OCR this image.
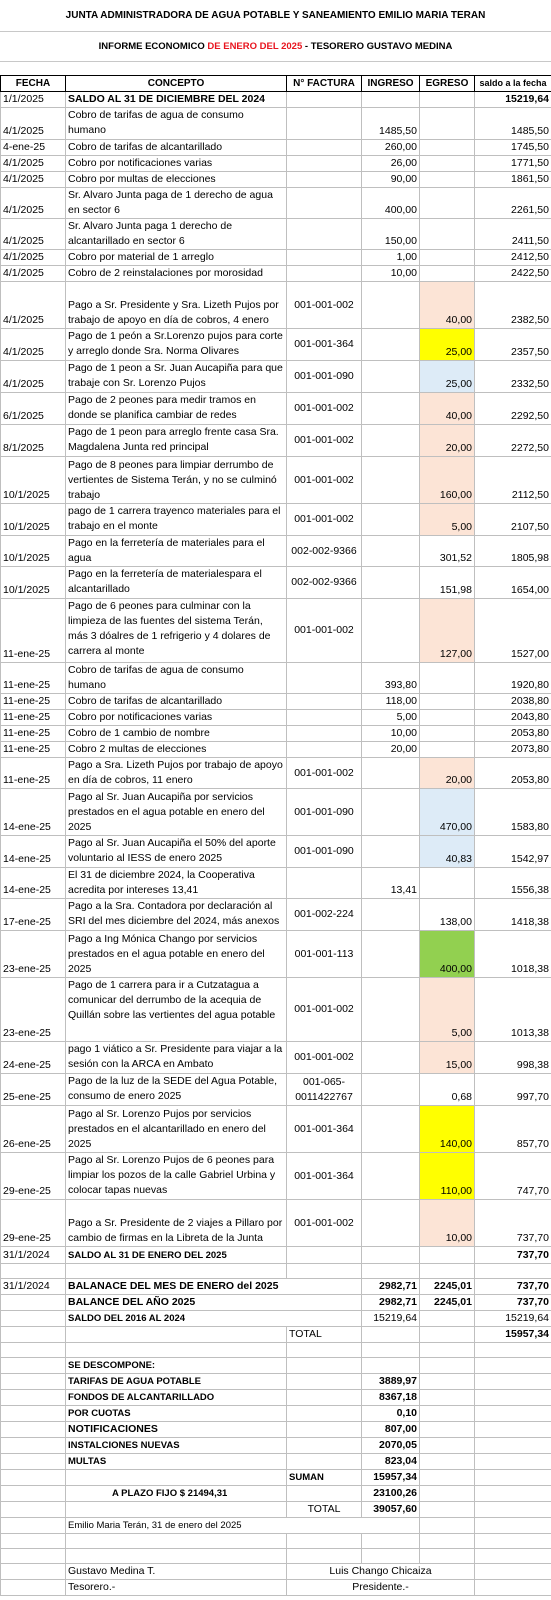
JUNTA ADMINISTRADORA DE AGUA POTABLE Y SANEAMIENTO EMILIO MARIA TERAN
INFORME ECONOMICO
DE ENERO DEL 2025
- TESORERO GUSTAVO MEDINA
FECHA	CONCEPTO	N° FACTURA	INGRESO	EGRESO	saldo a la fecha
1/1/2025	SALDO AL 31 DE DICIEMBRE DEL 2024				15219,64
4/1/2025	Cobro de tarifas de agua de consumo humano		1485,50		1485,50
4-ene-25	Cobro de tarifas de alcantarillado		260,00		1745,50
4/1/2025	Cobro por notificaciones varias		26,00		1771,50
4/1/2025	Cobro por multas de elecciones		90,00		1861,50
4/1/2025	Sr. Alvaro Junta paga de 1 derecho de agua en sector 6		400,00		2261,50
4/1/2025	Sr. Alvaro Junta paga 1 derecho de alcantarillado en sector 6		150,00		2411,50
4/1/2025	Cobro por material de 1 arreglo		1,00		2412,50
4/1/2025	Cobro de 2 reinstalaciones por morosidad		10,00		2422,50
4/1/2025	Pago a Sr. Presidente y Sra. Lizeth Pujos por trabajo de apoyo en día de cobros, 4 enero	001-001-002		40,00	2382,50
4/1/2025	Pago de 1 peón a Sr.Lorenzo pujos para corte y arreglo donde Sra. Norma Olivares	001-001-364		25,00	2357,50
4/1/2025	Pago de 1 peon a Sr. Juan Aucapiña para que trabaje con Sr. Lorenzo Pujos	001-001-090		25,00	2332,50
6/1/2025	Pago de 2 peones para medir tramos en donde se planifica cambiar de redes	001-001-002		40,00	2292,50
8/1/2025	Pago de 1 peon para arreglo frente casa Sra. Magdalena Junta red principal	001-001-002		20,00	2272,50
10/1/2025	Pago de 8 peones para limpiar derrumbo de vertientes de Sistema Terán, y no se culminó trabajo	001-001-002		160,00	2112,50
10/1/2025	pago de 1 carrera trayenco materiales para el trabajo en el monte	001-001-002		5,00	2107,50
10/1/2025	Pago en la ferretería de materiales para el agua	002-002-9366		301,52	1805,98
10/1/2025	Pago en la ferretería de materialespara el alcantarillado	002-002-9366		151,98	1654,00
11-ene-25	Pago de 6 peones para culminar con la limpieza de las fuentes del sistema Terán, más 3 dóalres de 1 refrigerio y 4 dolares de carrera al monte	001-001-002		127,00	1527,00
11-ene-25	Cobro de tarifas de agua de consumo humano		393,80		1920,80
11-ene-25	Cobro de tarifas de alcantarillado		118,00		2038,80
11-ene-25	Cobro por notificaciones varias		5,00		2043,80
11-ene-25	Cobro de 1 cambio de nombre		10,00		2053,80
11-ene-25	Cobro 2 multas de elecciones		20,00		2073,80
11-ene-25	Pago a Sra. Lizeth Pujos por trabajo de apoyo en día de cobros, 11 enero	001-001-002		20,00	2053,80
14-ene-25	Pago al Sr. Juan Aucapiña por servicios prestados en el agua potable en enero del 2025	001-001-090		470,00	1583,80
14-ene-25	Pago al Sr. Juan Aucapiña el 50% del aporte voluntario al IESS de enero 2025	001-001-090		40,83	1542,97
14-ene-25	El 31 de diciembre 2024, la Cooperativa acredita por intereses 13,41		13,41		1556,38
17-ene-25	Pago a la Sra. Contadora por declaración al SRI del mes diciembre del 2024, más anexos	001-002-224		138,00	1418,38
23-ene-25	Pago a Ing Mónica Chango por servicios prestados en el agua potable en enero del 2025	001-001-113		400,00	1018,38
23-ene-25	Pago de 1 carrera para ir a Cutzatagua a comunicar del derrumbo de la acequia de Quillán sobre las vertientes del agua potable	001-001-002		5,00	1013,38
24-ene-25	pago 1 viático a Sr. Presidente para viajar a la sesión con la ARCA en Ambato	001-001-002		15,00	998,38
25-ene-25	Pago de la luz de la SEDE del Agua Potable, consumo de enero 2025	001-065-0011422767		0,68	997,70
26-ene-25	Pago al Sr. Lorenzo Pujos por servicios prestados en el alcantarillado en enero del 2025	001-001-364		140,00	857,70
29-ene-25	Pago al Sr. Lorenzo Pujos de 6 peones para limpiar los pozos de la calle Gabriel Urbina y colocar tapas nuevas	001-001-364		110,00	747,70
29-ene-25	Pago a Sr. Presidente de 2 viajes a Pillaro por cambio de firmas en la Libreta de la Junta	001-001-002		10,00	737,70
31/1/2024	SALDO AL 31 DE ENERO DEL 2025				737,70

31/1/2024	BALANACE DEL MES DE ENERO del 2025		2982,71	2245,01	737,70
	BALANCE DEL AÑO 2025		2982,71	2245,01	737,70
	SALDO DEL 2016 AL 2024		15219,64		15219,64
		TOTAL			15957,34

	SE DESCOMPONE:				
	TARIFAS DE AGUA POTABLE		3889,97		
	FONDOS DE ALCANTARILLADO		8367,18		
	POR CUOTAS		0,10		
	NOTIFICACIONES		807,00		
	INSTALCIONES NUEVAS		2070,05		
	MULTAS		823,04		
		SUMAN	15957,34		
	A PLAZO FIJO $ 21494,31		23100,26		
		TOTAL	39057,60		
	Emilio Maria Terán, 31 de enero del 2025				

	Gustavo Medina T.	Luis Chango Chicaiza			
	Tesorero.-	Presidente.-			
